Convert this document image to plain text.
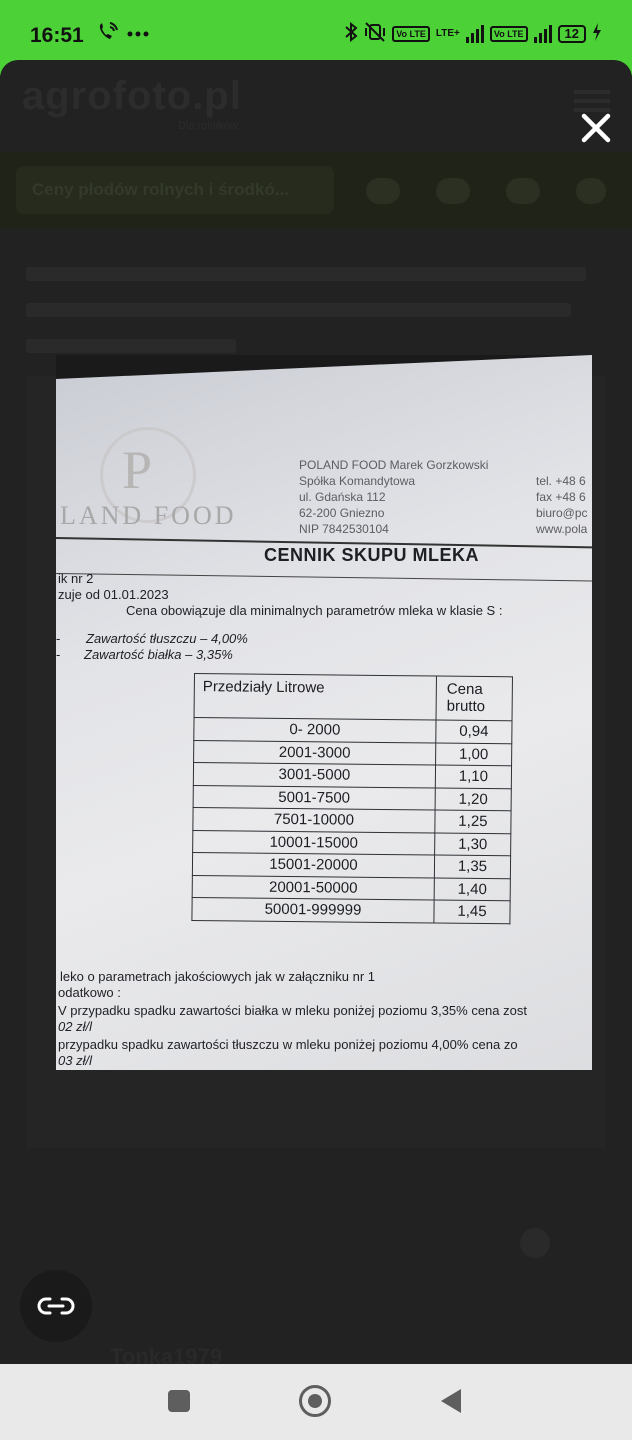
16:51
	Vo LTE	LTE+	Vo LTE	12
agrofoto.pl
Dla rolników
Ceny płodów rolnych i środkó...
Tonka1979
P
LAND FOOD
POLAND FOOD Marek Gorzkowski
Spółka Komandytowa
ul. Gdańska 112
62-200 Gniezno
NIP 7842530104
tel. +48 6
fax +48 6
biuro@pc
www.pola
CENNIK SKUPU MLEKA
ik nr 2
zuje od 01.01.2023
Cena obowiązuje dla minimalnych parametrów mleka w klasie S :
- Zawartość tłuszczu – 4,00%
- Zawartość białka – 3,35%
Przedziały Litrowe	Cena brutto
0- 2000	0,94
2001-3000	1,00
3001-5000	1,10
5001-7500	1,20
7501-10000	1,25
10001-15000	1,30
15001-20000	1,35
20001-50000	1,40
50001-999999	1,45
leko o parametrach jakościowych jak w załączniku nr 1
odatkowo :
V przypadku spadku zawartości białka w mleku poniżej poziomu 3,35% cena zost
02 zł/l
przypadku spadku zawartości tłuszczu w mleku poniżej poziomu 4,00% cena zo
03 zł/l
